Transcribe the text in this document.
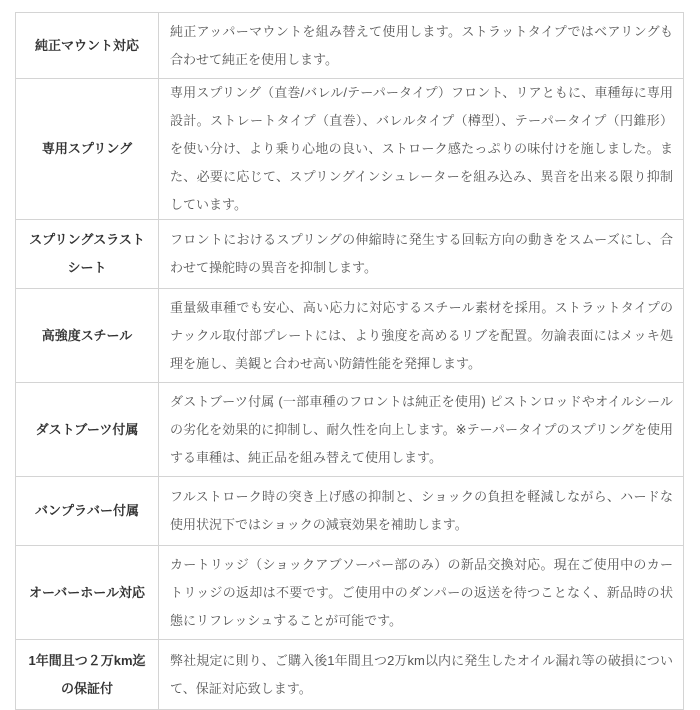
純正マウント対応	純正アッパーマウントを組み替えて使用します。ストラットタイプではベアリングも合わせて純正を使用します。
専用スプリング	専用スプリング（直巻/バレル/テーパータイプ）フロント、リアともに、車種毎に専用設計。ストレートタイプ（直巻）、バレルタイプ（樽型）、テーパータイプ（円錐形）を使い分け、より乗り心地の良い、ストローク感たっぷりの味付けを施しました。また、必要に応じて、スプリングインシュレーターを組み込み、異音を出来る限り抑制しています。
スプリングスラストシート	フロントにおけるスプリングの伸縮時に発生する回転方向の動きをスムーズにし、合わせて操舵時の異音を抑制します。
高強度スチール	重量級車種でも安心、高い応力に対応するスチール素材を採用。ストラットタイプのナックル取付部プレートには、より強度を高めるリブを配置。勿論表面にはメッキ処理を施し、美観と合わせ高い防錆性能を発揮します。
ダストブーツ付属	ダストブーツ付属 (一部車種のフロントは純正を使用) ピストンロッドやオイルシールの劣化を効果的に抑制し、耐久性を向上します。※テーパータイプのスプリングを使用する車種は、純正品を組み替えて使用します。
バンプラバー付属	フルストローク時の突き上げ感の抑制と、ショックの負担を軽減しながら、ハードな使用状況下ではショックの減衰効果を補助します。
オーバーホール対応	カートリッジ（ショックアブソーバー部のみ）の新品交換対応。現在ご使用中のカートリッジの返却は不要です。ご使用中のダンパーの返送を待つことなく、新品時の状態にリフレッシュすることが可能です。
1年間且つ２万km迄の保証付	弊社規定に則り、ご購入後1年間且つ2万km以内に発生したオイル漏れ等の破損について、保証対応致します。
